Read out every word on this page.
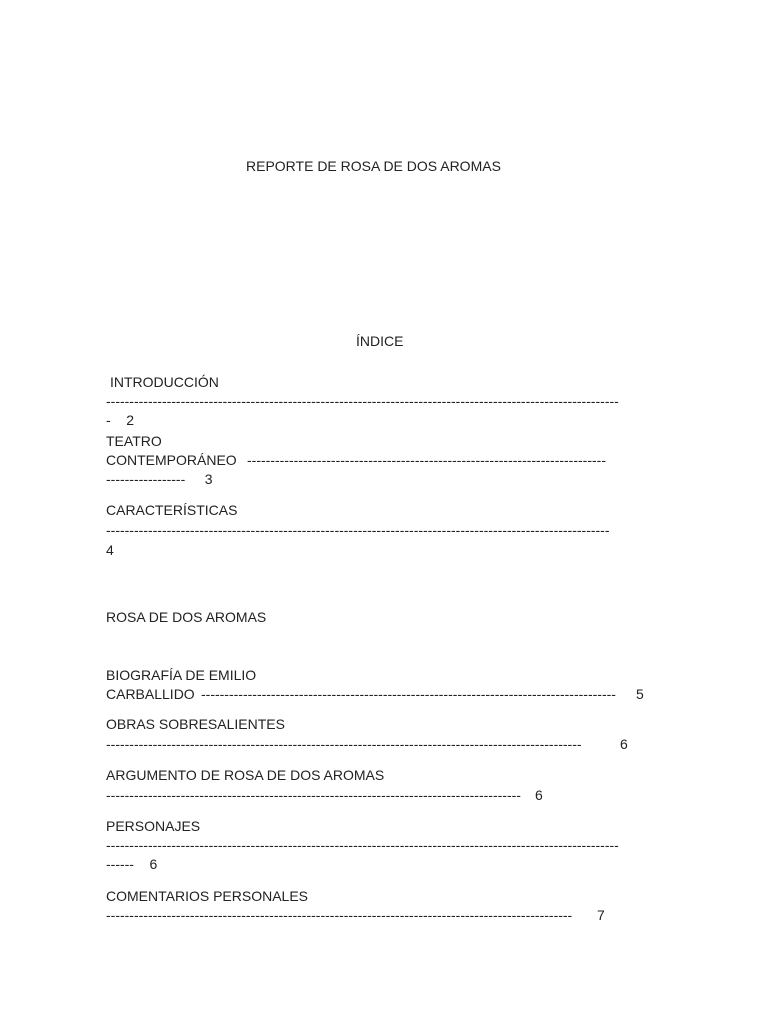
REPORTE DE ROSA DE DOS AROMAS
ÍNDICE
INTRODUCCIÓN
--------------------------------------------------------------------------------------------------------------
-    2
TEATRO
CONTEMPORÁNEO -----------------------------------------------------------------------------
-----------------     3
CARACTERÍSTICAS
------------------------------------------------------------------------------------------------------------
4
ROSA DE DOS AROMAS
BIOGRAFÍA DE EMILIO
CARBALLIDO -----------------------------------------------------------------------------------------	5
OBRAS SOBRESALIENTES
------------------------------------------------------------------------------------------------------	6
ARGUMENTO DE ROSA DE DOS AROMAS
----------------------------------------------------------------------------------------- 6
PERSONAJES
--------------------------------------------------------------------------------------------------------------
------    6
COMENTARIOS PERSONALES
----------------------------------------------------------------------------------------------------	7
